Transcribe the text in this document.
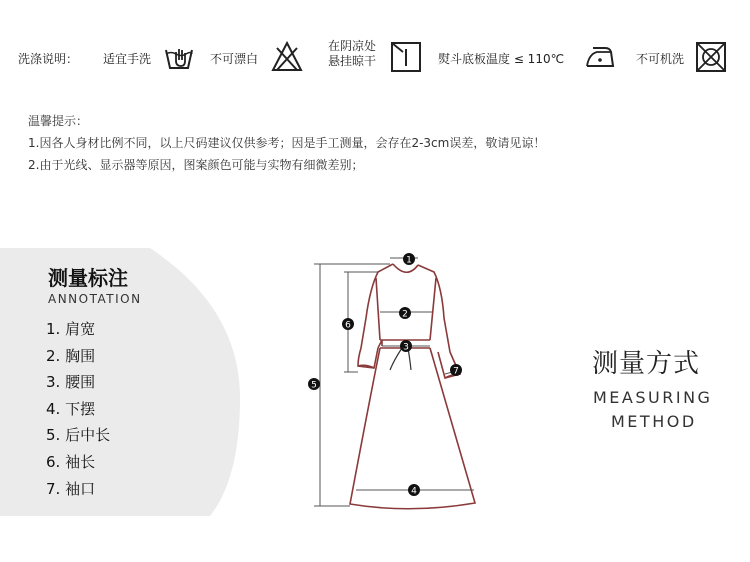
洗涤说明： 适宜手洗	不可漂白
在阴凉处
悬挂晾干	熨斗底板温度 ≤ 110℃	不可机洗
温馨提示：
1.因各人身材比例不同，以上尺码建议仅供参考；因是手工测量，会存在2-3cm误差，敬请见谅！
2.由于光线、显示器等原因，图案颜色可能与实物有细微差别；
测量标注
ANNOTATION
1. 肩宽
2. 胸围
3. 腰围
4. 下摆
5. 后中长
6. 袖长
7. 袖口
1
2
3
4
5
6
7	测量方式
MEASURING
METHOD
